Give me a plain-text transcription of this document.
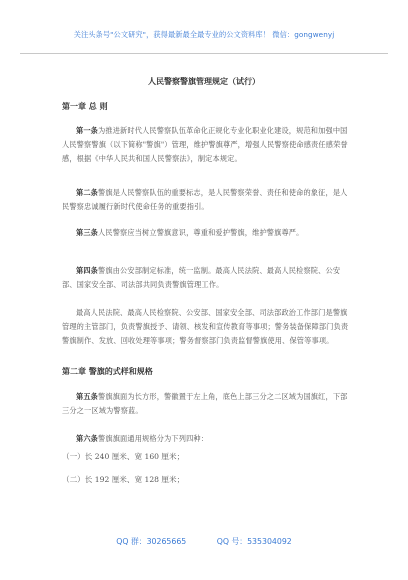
关注头条号"公文研究"，获得最新最全最专业的公文资料库！ 微信：gongwenyj
人民警察警旗管理规定（试行）
第一章 总 则
第一条为推进新时代人民警察队伍革命化正规化专业化职业化建设，规范和加强中国人民警察警旗（以下简称"警旗"）管理，维护警旗尊严，增强人民警察使命感责任感荣誉感，根据《中华人民共和国人民警察法》，制定本规定。
第二条警旗是人民警察队伍的重要标志，是人民警察荣誉、责任和使命的象征，是人民警察忠诚履行新时代使命任务的重要指引。
第三条人民警察应当树立警旗意识，尊重和爱护警旗，维护警旗尊严。
第四条警旗由公安部制定标准，统一监制。最高人民法院、最高人民检察院、公安部、国家安全部、司法部共同负责警旗管理工作。
最高人民法院、最高人民检察院、公安部、国家安全部、司法部政治工作部门是警旗管理的主管部门，负责警旗授予、请领、核发和宣传教育等事项；警务装备保障部门负责警旗制作、发放、回收处理等事项；警务督察部门负责监督警旗使用、保管等事项。
第二章 警旗的式样和规格
第五条警旗旗面为长方形，警徽置于左上角，底色上部三分之二区域为国旗红，下部三分之一区域为警察蓝。
第六条警旗旗面通用规格分为下列四种：
（一）长 240 厘米、宽 160 厘米；
（二）长 192 厘米、宽 128 厘米；
QQ 群：30265665	QQ 号：535304092
